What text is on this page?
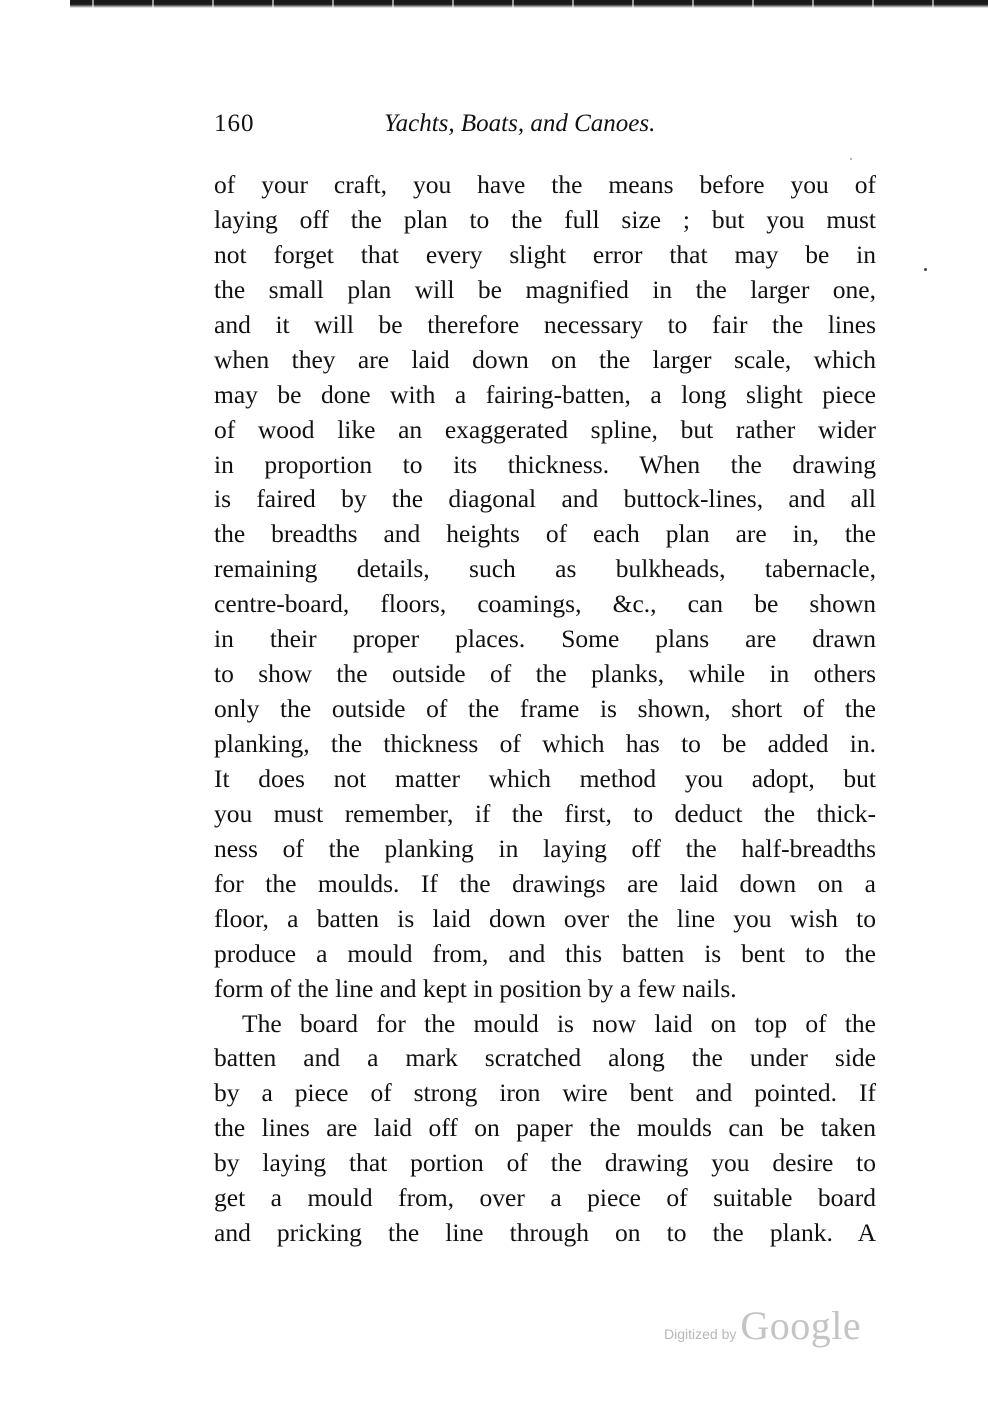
160	Yachts, Boats, and Canoes.
of your craft, you have the means before you of
laying off the plan to the full size ; but you must
not forget that every slight error that may be in
the small plan will be magnified in the larger one,
and it will be therefore necessary to fair the lines
when they are laid down on the larger scale, which
may be done with a fairing-batten, a long slight piece
of wood like an exaggerated spline, but rather wider
in proportion to its thickness. When the drawing
is faired by the diagonal and buttock-lines, and all
the breadths and heights of each plan are in, the
remaining details, such as bulkheads, tabernacle,
centre-board, floors, coamings, &c., can be shown
in their proper places. Some plans are drawn
to show the outside of the planks, while in others
only the outside of the frame is shown, short of the
planking, the thickness of which has to be added in.
It does not matter which method you adopt, but
you must remember, if the first, to deduct the thick-
ness of the planking in laying off the half-breadths
for the moulds. If the drawings are laid down on a
floor, a batten is laid down over the line you wish to
produce a mould from, and this batten is bent to the
form of the line and kept in position by a few nails.
The board for the mould is now laid on top of the
batten and a mark scratched along the under side
by a piece of strong iron wire bent and pointed. If
the lines are laid off on paper the moulds can be taken
by laying that portion of the drawing you desire to
get a mould from, over a piece of suitable board
and pricking the line through on to the plank. A
Digitized by Google
